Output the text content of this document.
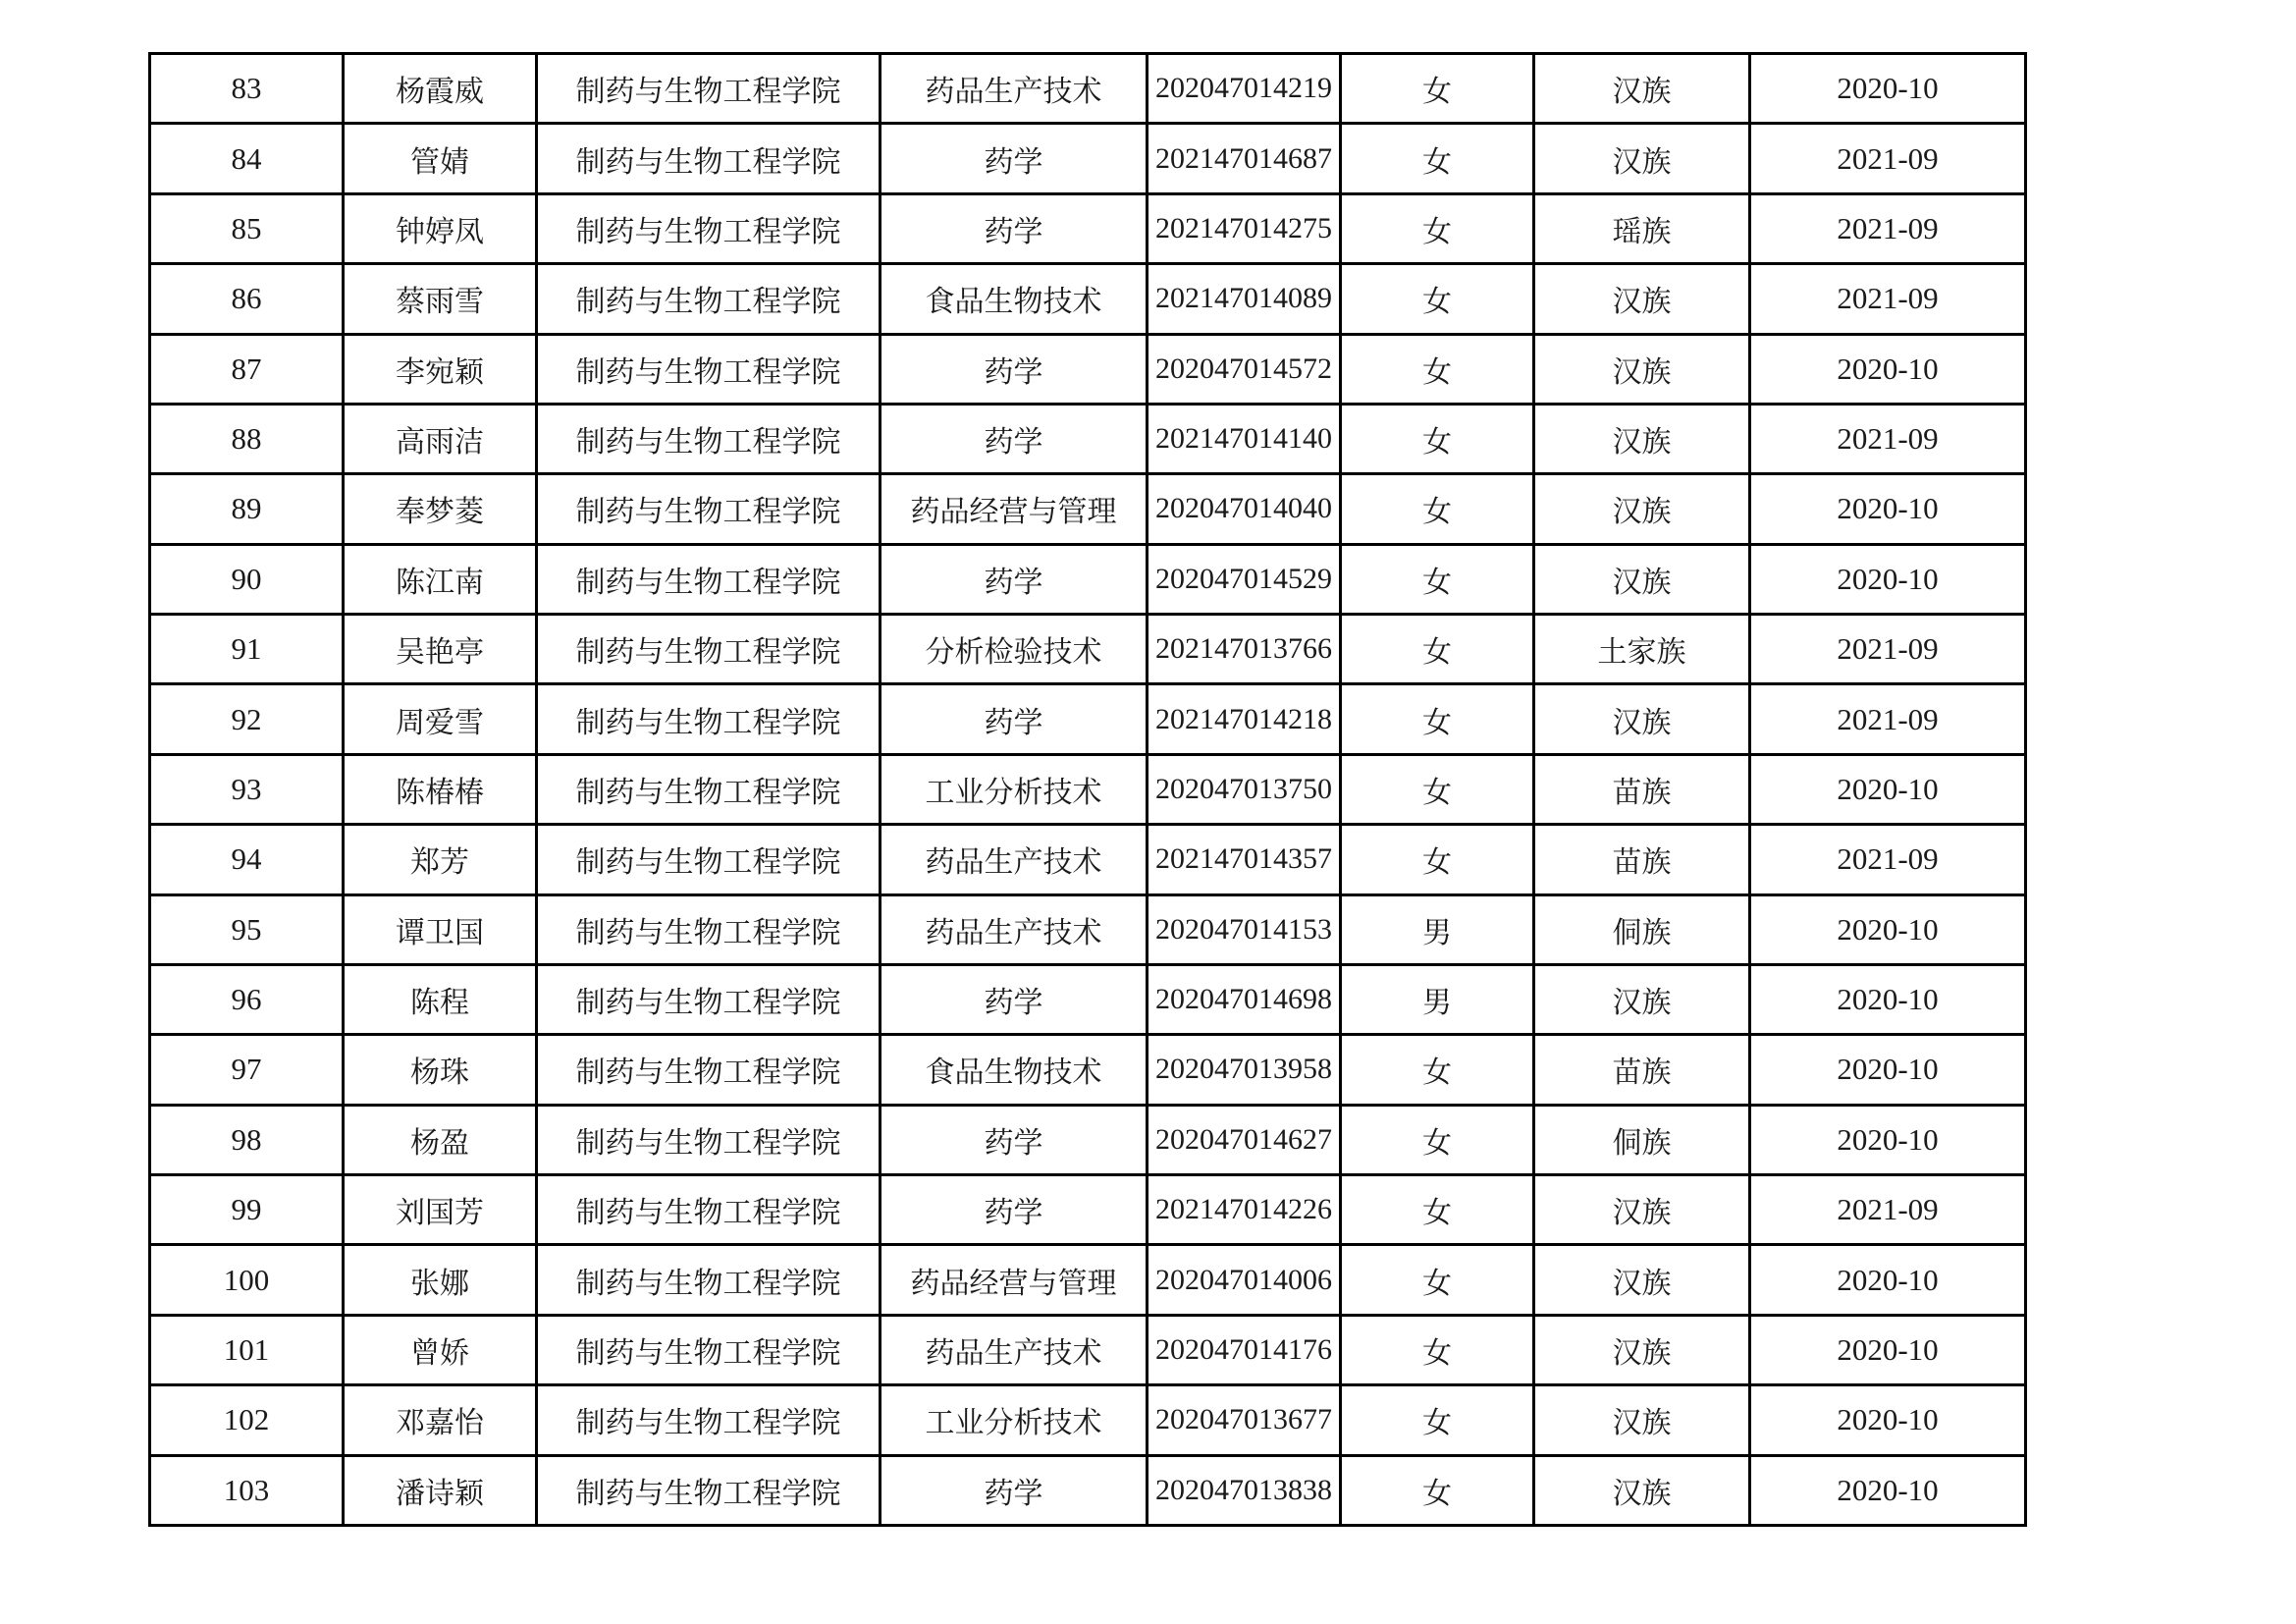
83	杨霞威	制药与生物工程学院	药品生产技术	202047014219	女	汉族	2020-10
84	管婧	制药与生物工程学院	药学	202147014687	女	汉族	2021-09
85	钟婷凤	制药与生物工程学院	药学	202147014275	女	瑶族	2021-09
86	蔡雨雪	制药与生物工程学院	食品生物技术	202147014089	女	汉族	2021-09
87	李宛颖	制药与生物工程学院	药学	202047014572	女	汉族	2020-10
88	高雨洁	制药与生物工程学院	药学	202147014140	女	汉族	2021-09
89	奉梦菱	制药与生物工程学院	药品经营与管理	202047014040	女	汉族	2020-10
90	陈江南	制药与生物工程学院	药学	202047014529	女	汉族	2020-10
91	吴艳亭	制药与生物工程学院	分析检验技术	202147013766	女	土家族	2021-09
92	周爱雪	制药与生物工程学院	药学	202147014218	女	汉族	2021-09
93	陈椿椿	制药与生物工程学院	工业分析技术	202047013750	女	苗族	2020-10
94	郑芳	制药与生物工程学院	药品生产技术	202147014357	女	苗族	2021-09
95	谭卫国	制药与生物工程学院	药品生产技术	202047014153	男	侗族	2020-10
96	陈程	制药与生物工程学院	药学	202047014698	男	汉族	2020-10
97	杨珠	制药与生物工程学院	食品生物技术	202047013958	女	苗族	2020-10
98	杨盈	制药与生物工程学院	药学	202047014627	女	侗族	2020-10
99	刘国芳	制药与生物工程学院	药学	202147014226	女	汉族	2021-09
100	张娜	制药与生物工程学院	药品经营与管理	202047014006	女	汉族	2020-10
101	曾娇	制药与生物工程学院	药品生产技术	202047014176	女	汉族	2020-10
102	邓嘉怡	制药与生物工程学院	工业分析技术	202047013677	女	汉族	2020-10
103	潘诗颖	制药与生物工程学院	药学	202047013838	女	汉族	2020-10
